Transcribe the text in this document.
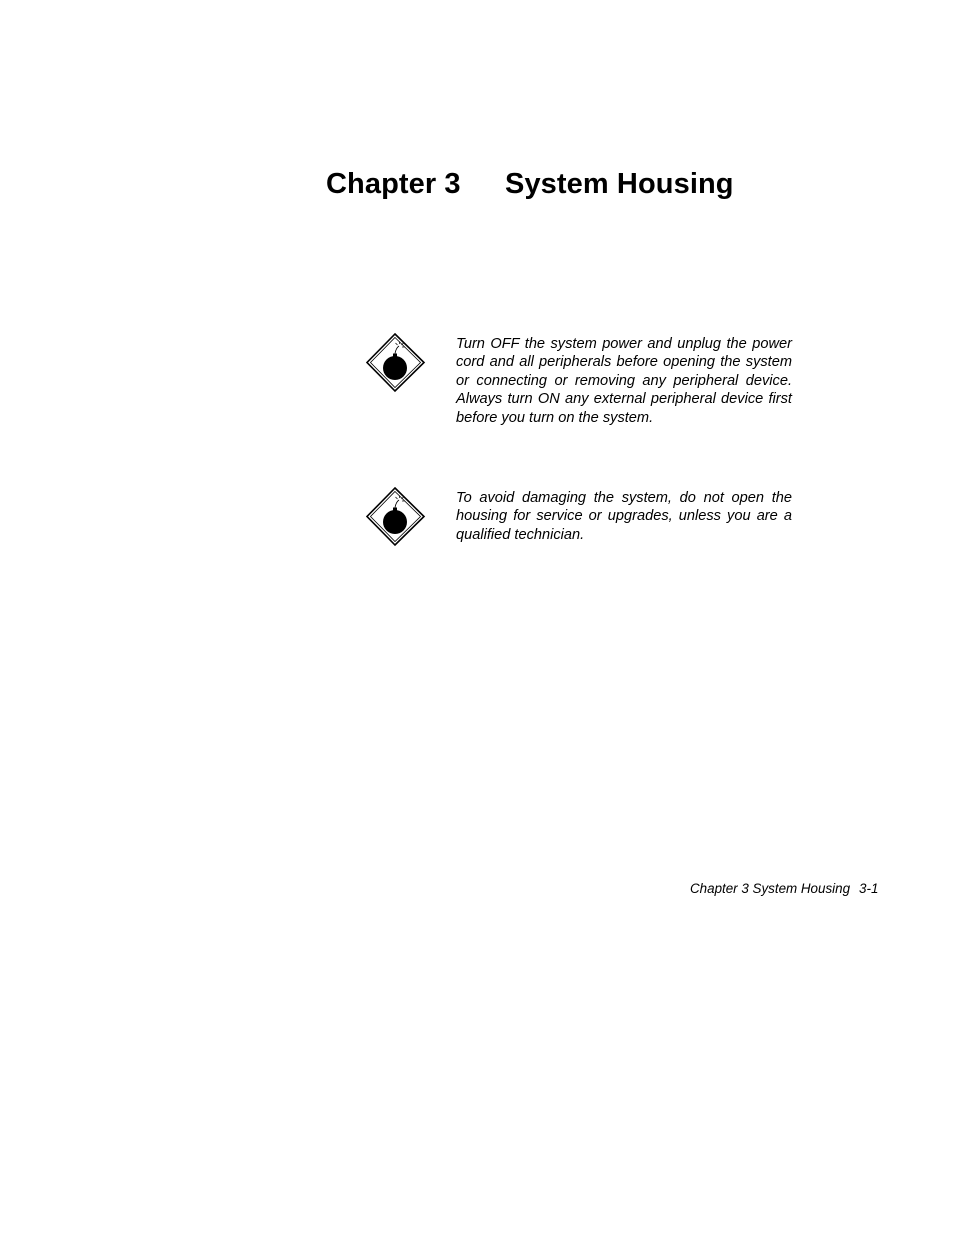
Chapter 3 System Housing

Turn OFF the system power and unplug the power cord and all peripherals before opening the system or connecting or removing any peripheral device. Always turn ON any external peripheral device first before you turn on the system.

To avoid damaging the system, do not open the housing for service or upgrades, unless you are a qualified technician.

Chapter 3 System Housing 3-1
